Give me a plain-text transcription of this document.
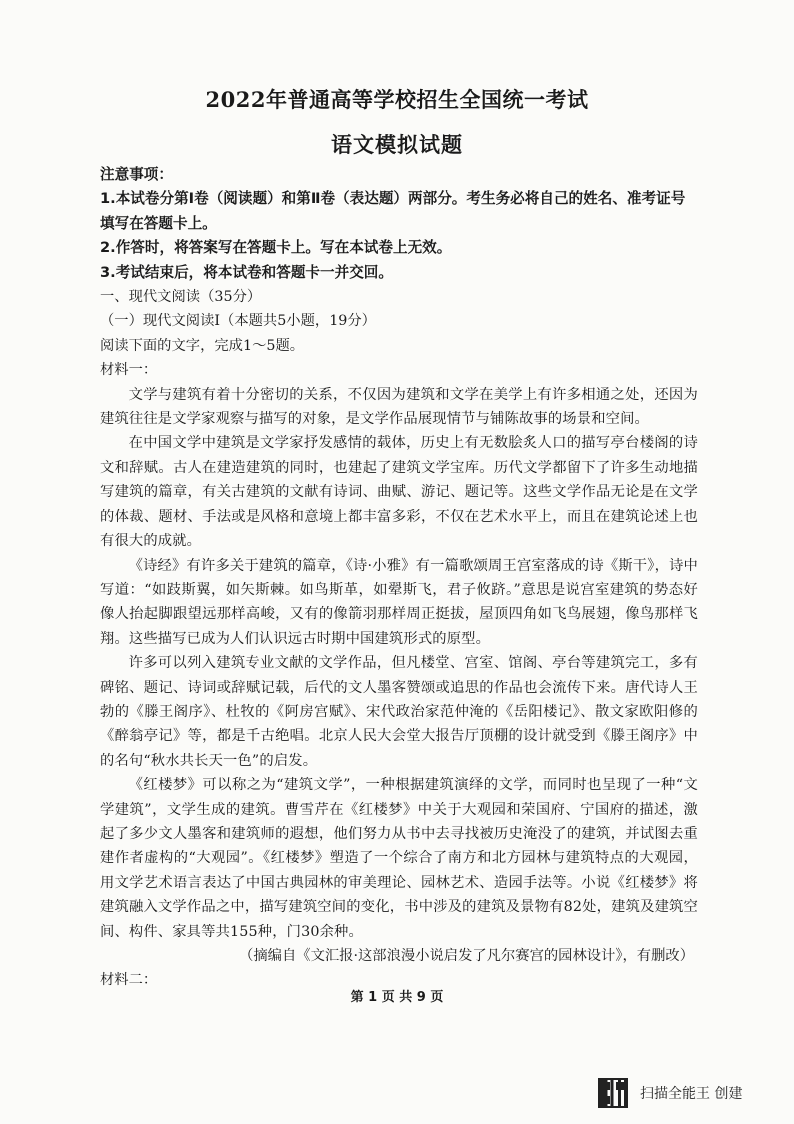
2022年普通高等学校招生全国统一考试
语文模拟试题

注意事项：

1.本试卷分第Ⅰ卷（阅读题）和第Ⅱ卷（表达题）两部分。考生务必将自己的姓名、准考证号填写在答题卡上。

2.作答时，将答案写在答题卡上。写在本试卷上无效。

3.考试结束后，将本试卷和答题卡一并交回。

一、现代文阅读（35分）

（一）现代文阅读Ⅰ（本题共5小题，19分）

阅读下面的文字，完成1～5题。

材料一：

文学与建筑有着十分密切的关系，不仅因为建筑和文学在美学上有许多相通之处，还因为建筑往往是文学家观察与描写的对象，是文学作品展现情节与铺陈故事的场景和空间。

在中国文学中建筑是文学家抒发感情的载体，历史上有无数脍炙人口的描写亭台楼阁的诗文和辞赋。古人在建造建筑的同时，也建起了建筑文学宝库。历代文学都留下了许多生动地描写建筑的篇章，有关古建筑的文献有诗词、曲赋、游记、题记等。这些文学作品无论是在文学的体裁、题材、手法或是风格和意境上都丰富多彩，不仅在艺术水平上，而且在建筑论述上也有很大的成就。

《诗经》有许多关于建筑的篇章，《诗·小雅》有一篇歌颂周王宫室落成的诗《斯干》，诗中写道：“如跂斯翼，如矢斯棘。如鸟斯革，如翚斯飞，君子攸跻。”意思是说宫室建筑的势态好像人抬起脚跟望远那样高峻，又有的像箭羽那样周正挺拔，屋顶四角如飞鸟展翅，像鸟那样飞翔。这些描写已成为人们认识远古时期中国建筑形式的原型。

许多可以列入建筑专业文献的文学作品，但凡楼堂、宫室、馆阁、亭台等建筑完工，多有碑铭、题记、诗词或辞赋记载，后代的文人墨客赞颂或追思的作品也会流传下来。唐代诗人王勃的《滕王阁序》、杜牧的《阿房宫赋》、宋代政治家范仲淹的《岳阳楼记》、散文家欧阳修的《醉翁亭记》等，都是千古绝唱。北京人民大会堂大报告厅顶棚的设计就受到《滕王阁序》中的名句“秋水共长天一色”的启发。

《红楼梦》可以称之为“建筑文学”，一种根据建筑演绎的文学，而同时也呈现了一种“文学建筑”，文学生成的建筑。曹雪芹在《红楼梦》中关于大观园和荣国府、宁国府的描述，激起了多少文人墨客和建筑师的遐想，他们努力从书中去寻找被历史淹没了的建筑，并试图去重建作者虚构的“大观园”。《红楼梦》塑造了一个综合了南方和北方园林与建筑特点的大观园，用文学艺术语言表达了中国古典园林的审美理论、园林艺术、造园手法等。小说《红楼梦》将建筑融入文学作品之中，描写建筑空间的变化，书中涉及的建筑及景物有82处，建筑及建筑空间、构件、家具等共155种，门30余种。

（摘编自《文汇报·这部浪漫小说启发了凡尔赛宫的园林设计》，有删改）

材料二：

第 1 页 共 9 页
扫描全能王 创建
